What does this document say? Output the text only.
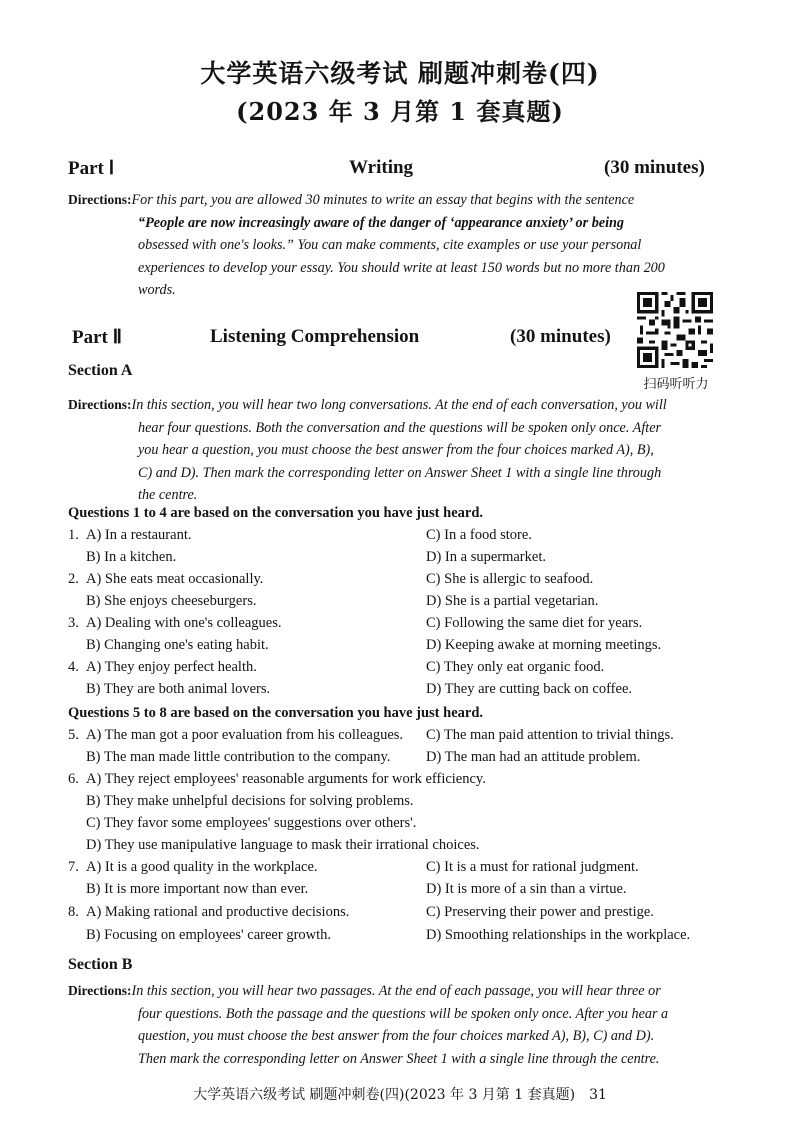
大学英语六级考试 刷题冲刺卷(四)
(2023 年 3 月第 1 套真题)
Part Ⅰ	Writing	(30 minutes)
Directions:For this part, you are allowed 30 minutes to write an essay that begins with the sentence
“People are now increasingly aware of the danger of ‘appearance anxiety’ or being
obsessed with one's looks.” You can make comments, cite examples or use your personal
experiences to develop your essay. You should write at least 150 words but no more than 200
words.
扫码听听力
Part Ⅱ	Listening Comprehension	(30 minutes)
Section A
Directions:In this section, you will hear two long conversations. At the end of each conversation, you will
hear four questions. Both the conversation and the questions will be spoken only once. After
you hear a question, you must choose the best answer from the four choices marked A), B),
C) and D). Then mark the corresponding letter on Answer Sheet 1 with a single line through
the centre.
Questions 1 to 4 are based on the conversation you have just heard.
1. A) In a restaurant.
B) In a kitchen.
C) In a food store.
D) In a supermarket.
2. A) She eats meat occasionally.
B) She enjoys cheeseburgers.
C) She is allergic to seafood.
D) She is a partial vegetarian.
3. A) Dealing with one's colleagues.
B) Changing one's eating habit.
C) Following the same diet for years.
D) Keeping awake at morning meetings.
4. A) They enjoy perfect health.
B) They are both animal lovers.
C) They only eat organic food.
D) They are cutting back on coffee.
Questions 5 to 8 are based on the conversation you have just heard.
5. A) The man got a poor evaluation from his colleagues.
B) The man made little contribution to the company.
C) The man paid attention to trivial things.
D) The man had an attitude problem.
6. A) They reject employees' reasonable arguments for work efficiency.
B) They make unhelpful decisions for solving problems.
C) They favor some employees' suggestions over others'.
D) They use manipulative language to mask their irrational choices.
7. A) It is a good quality in the workplace.
B) It is more important now than ever.
C) It is a must for rational judgment.
D) It is more of a sin than a virtue.
8. A) Making rational and productive decisions.
B) Focusing on employees' career growth.
C) Preserving their power and prestige.
D) Smoothing relationships in the workplace.
Section B
Directions:In this section, you will hear two passages. At the end of each passage, you will hear three or
four questions. Both the passage and the questions will be spoken only once. After you hear a
question, you must choose the best answer from the four choices marked A), B), C) and D).
Then mark the corresponding letter on Answer Sheet 1 with a single line through the centre.
大学英语六级考试 刷题冲刺卷(四)(2023 年 3 月第 1 套真题) 31
